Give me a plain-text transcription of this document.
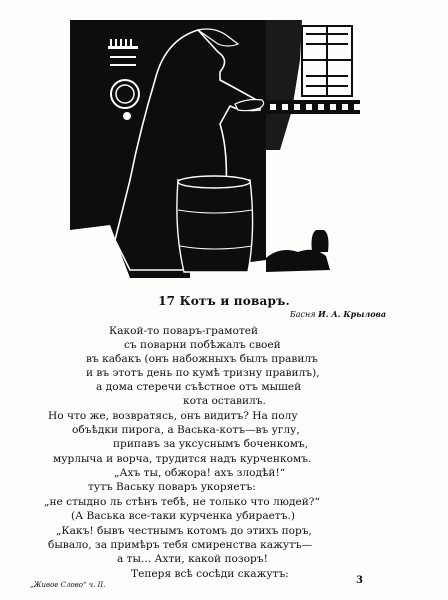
М.Д.
17 Котъ и поваръ.
Басня И. А. Крылова
Какой-то поваръ-грамотей
съ поварни побѣжалъ своей
въ кабакъ (онъ набожныхъ былъ правилъ
и въ этотъ день по кумѣ тризну правилъ),
а дома стеречи съѣстное отъ мышей
кота оставилъ.
Но что же, возвратясь, онъ видитъ? На полу
объѣдки пирога, а Васька-котъ—въ углу,
припавъ за уксуснымъ боченкомъ,
мурлыча и ворча, трудится надъ курченкомъ.
„Ахъ ты, обжора! ахъ злодѣй!“
тутъ Ваську поваръ укоряетъ:
„не стыдно ль стѣнъ тебѣ, не только что людей?“
(А Васька все-таки курченка убираетъ.)
„Какъ! бывъ честнымъ котомъ до этихъ поръ,
бывало, за примѣръ тебя смиренства кажутъ—
а ты... Ахти, какой позоръ!
Теперя всѣ сосѣди скажутъ:
„Живое Слово“ ч. II.	3
